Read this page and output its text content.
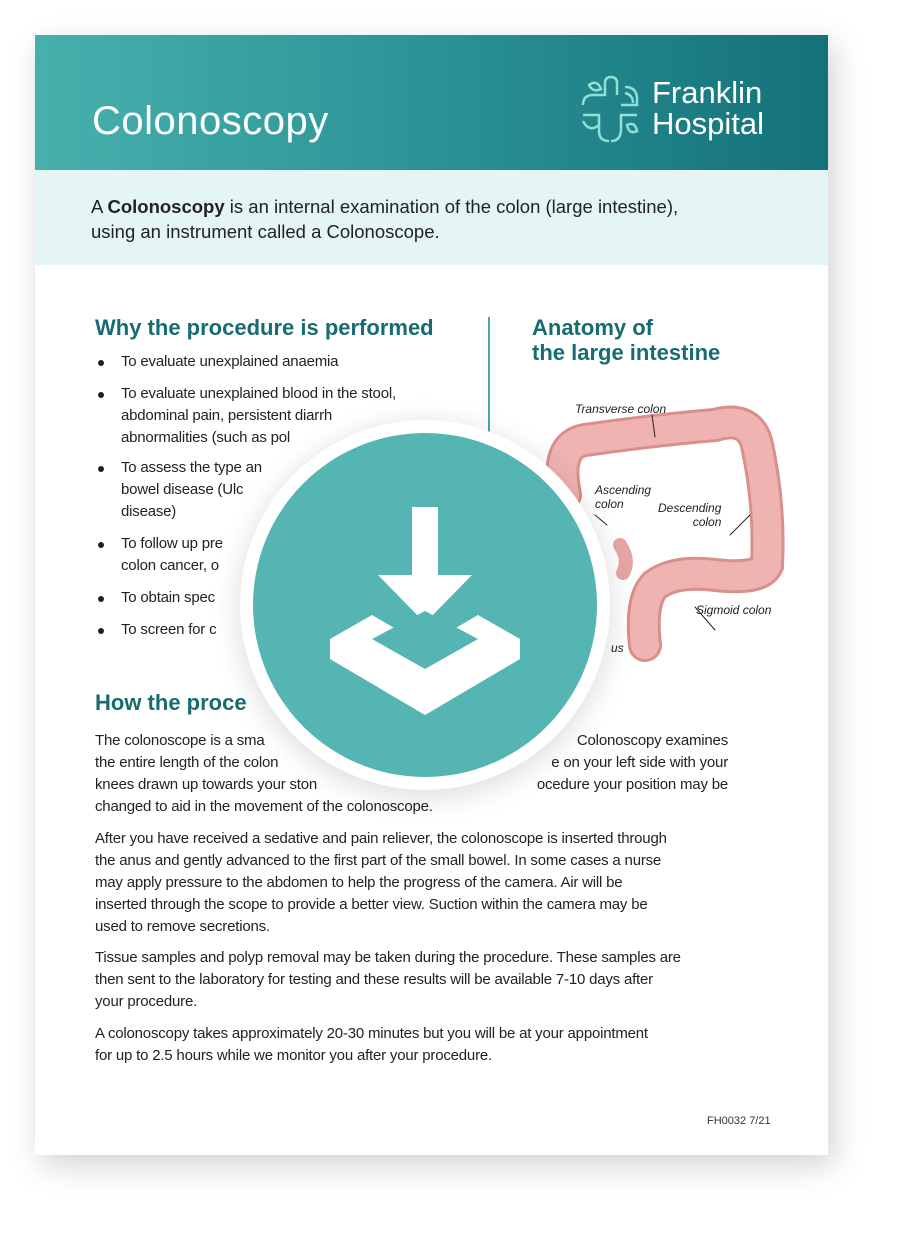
Colonoscopy
Franklin
Hospital

A Colonoscopy is an internal examination of the colon (large intestine), using an instrument called a Colonoscope.

Why the procedure is performed
To evaluate unexplained anaemia
To evaluate unexplained blood in the stool,
abdominal pain, persistent diarrh
abnormalities (such as pol
To assess the type an
bowel disease (Ulc
disease)
To follow up pre
colon cancer, o
To obtain spec
To screen for c
Anatomy of
the large intestine
Ascending
colon
Transverse colon
Descending
colon
Sigmoid colon
us
How the proce
The colonoscope is a sma	Colonoscopy examines
the entire length of the colon	e on your left side with your
knees drawn up towards your ston	ocedure your position may be
changed to aid in the movement of the colonoscope.
After you have received a sedative and pain reliever, the colonoscope is inserted through
the anus and gently advanced to the first part of the small bowel. In some cases a nurse
may apply pressure to the abdomen to help the progress of the camera. Air will be
inserted through the scope to provide a better view. Suction within the camera may be
used to remove secretions.
Tissue samples and polyp removal may be taken during the procedure. These samples are
then sent to the laboratory for testing and these results will be available 7-10 days after
your procedure.
A colonoscopy takes approximately 20-30 minutes but you will be at your appointment
for up to 2.5 hours while we monitor you after your procedure.
FH0032 7/21
